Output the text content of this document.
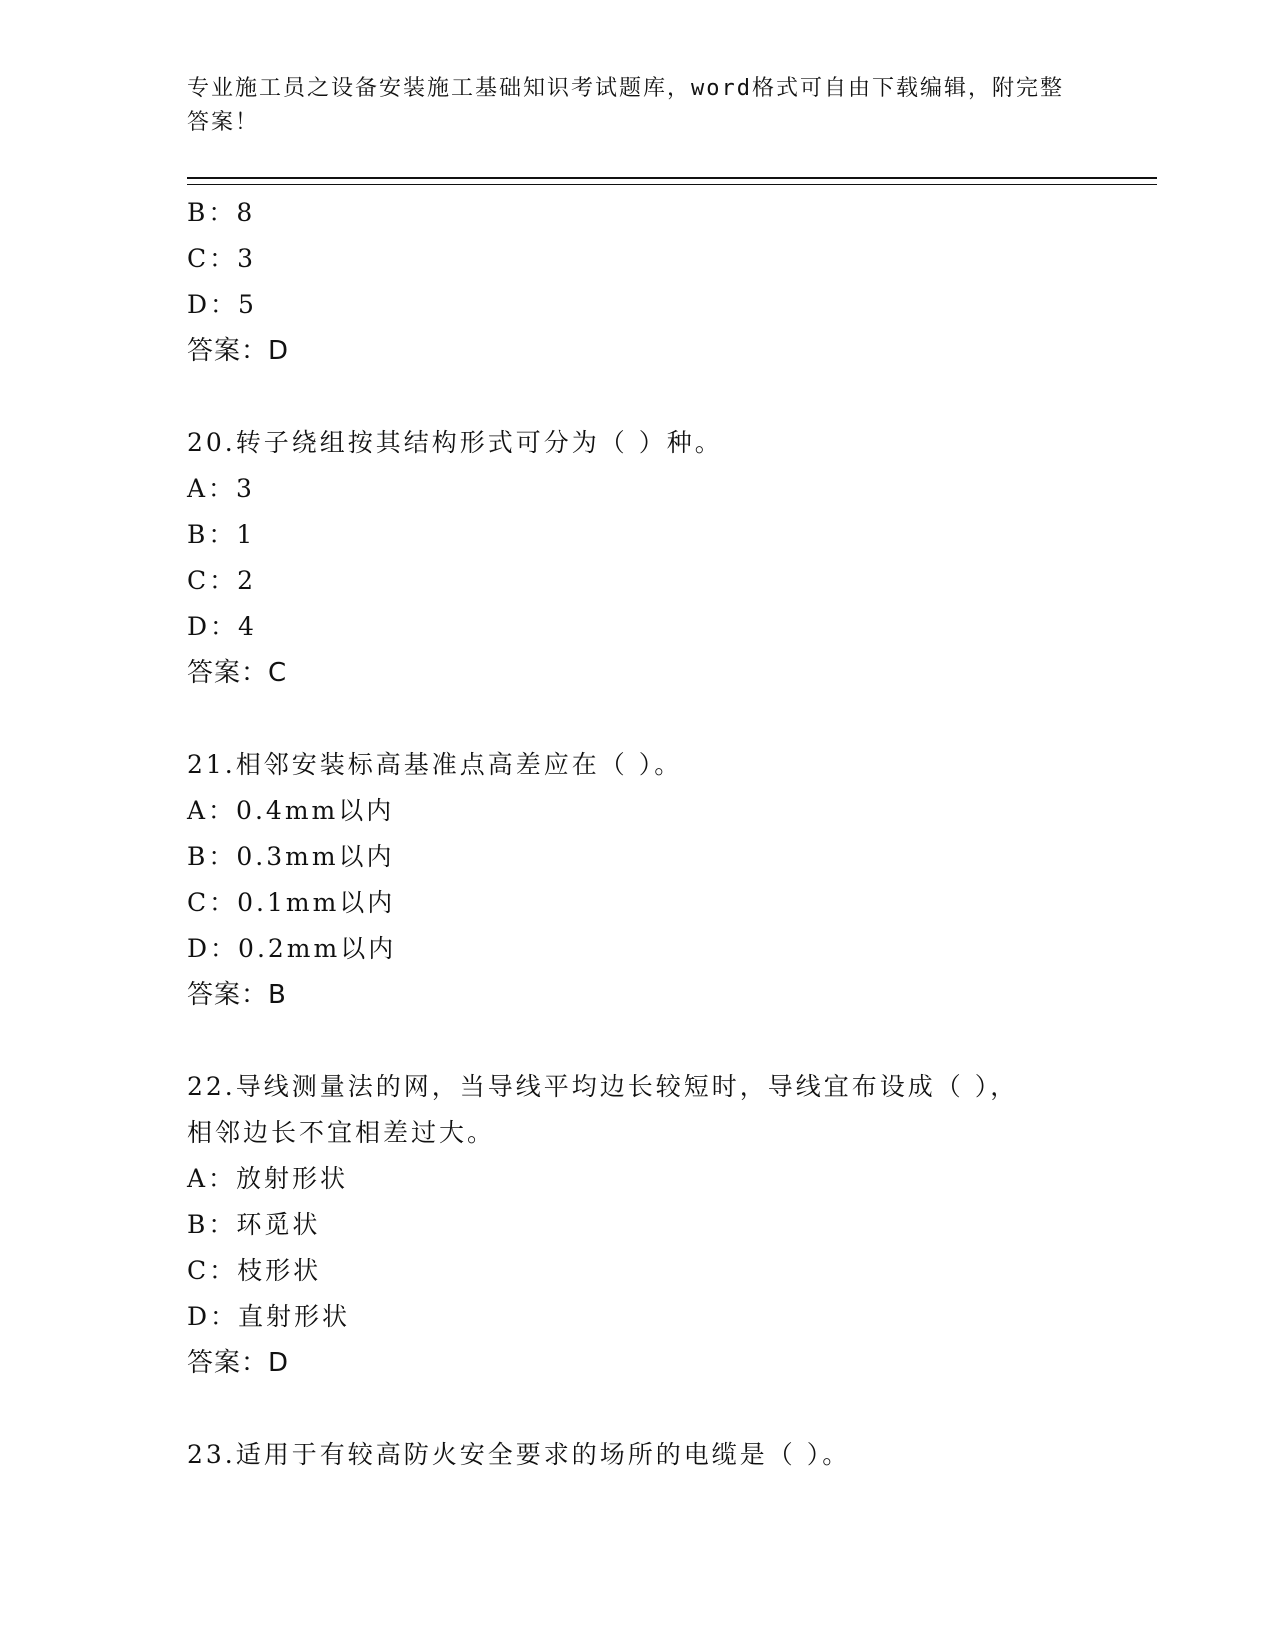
专业施工员之设备安装施工基础知识考试题库，word格式可自由下载编辑，附完整答案！
B：8
C：3
D：5
答案：D
20.转子绕组按其结构形式可分为（ ）种。
A：3
B：1
C：2
D：4
答案：C
21.相邻安装标高基准点高差应在（ ）。
A：0.4mm以内
B：0.3mm以内
C：0.1mm以内
D：0.2mm以内
答案：B
22.导线测量法的网，当导线平均边长较短时，导线宜布设成（ ），
相邻边长不宜相差过大。
A：放射形状
B：环觅状
C：枝形状
D：直射形状
答案：D
23.适用于有较高防火安全要求的场所的电缆是（ ）。
